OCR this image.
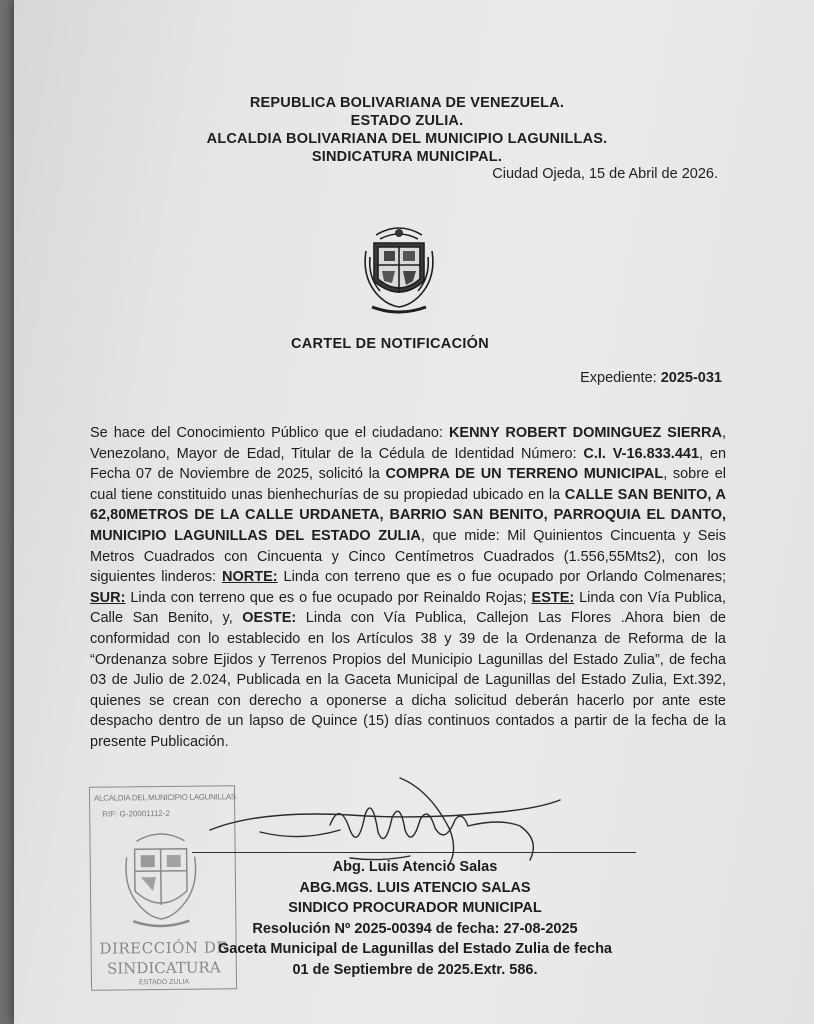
REPUBLICA BOLIVARIANA DE VENEZUELA.
ESTADO ZULIA.
ALCALDIA BOLIVARIANA DEL MUNICIPIO LAGUNILLAS.
SINDICATURA MUNICIPAL.
Ciudad Ojeda, 15 de Abril de 2026.
CARTEL DE NOTIFICACIÓN
Expediente: 2025-031
Se hace del Conocimiento Público que el ciudadano: KENNY ROBERT DOMINGUEZ SIERRA, Venezolano, Mayor de Edad, Titular de la Cédula de Identidad Número: C.I. V-16.833.441, en Fecha 07 de Noviembre de 2025, solicitó la COMPRA DE UN TERRENO MUNICIPAL, sobre el cual tiene constituido unas bienhechurías de su propiedad ubicado en la CALLE SAN BENITO, A 62,80METROS DE LA CALLE URDANETA, BARRIO SAN BENITO, PARROQUIA EL DANTO, MUNICIPIO LAGUNILLAS DEL ESTADO ZULIA, que mide: Mil Quinientos Cincuenta y Seis Metros Cuadrados con Cincuenta y Cinco Centímetros Cuadrados (1.556,55Mts2), con los siguientes linderos: NORTE: Linda con terreno que es o fue ocupado por Orlando Colmenares; SUR: Linda con terreno que es o fue ocupado por Reinaldo Rojas; ESTE: Linda con Vía Publica, Calle San Benito, y, OESTE: Linda con Vía Publica, Callejon Las Flores .Ahora bien de conformidad con lo establecido en los Artículos 38 y 39 de la Ordenanza de Reforma de la “Ordenanza sobre Ejidos y Terrenos Propios del Municipio Lagunillas del Estado Zulia”, de fecha 03 de Julio de 2.024, Publicada en la Gaceta Municipal de Lagunillas del Estado Zulia, Ext.392, quienes se crean con derecho a oponerse a dicha solicitud deberán hacerlo por ante este despacho dentro de un lapso de Quince (15) días continuos contados a partir de la fecha de la presente Publicación.
ALCALDIA DEL MUNICIPIO LAGUNILLAS
RIF: G-20001112-2
DIRECCIÓN DE
SINDICATURA
ESTADO ZULIA
Abg. Luis Atencio Salas
ABG.MGS. LUIS ATENCIO SALAS
SINDICO PROCURADOR MUNICIPAL
Resolución Nº 2025-00394 de fecha: 27-08-2025
Gaceta Municipal de Lagunillas del Estado Zulia de fecha
01 de Septiembre de 2025.Extr. 586.
